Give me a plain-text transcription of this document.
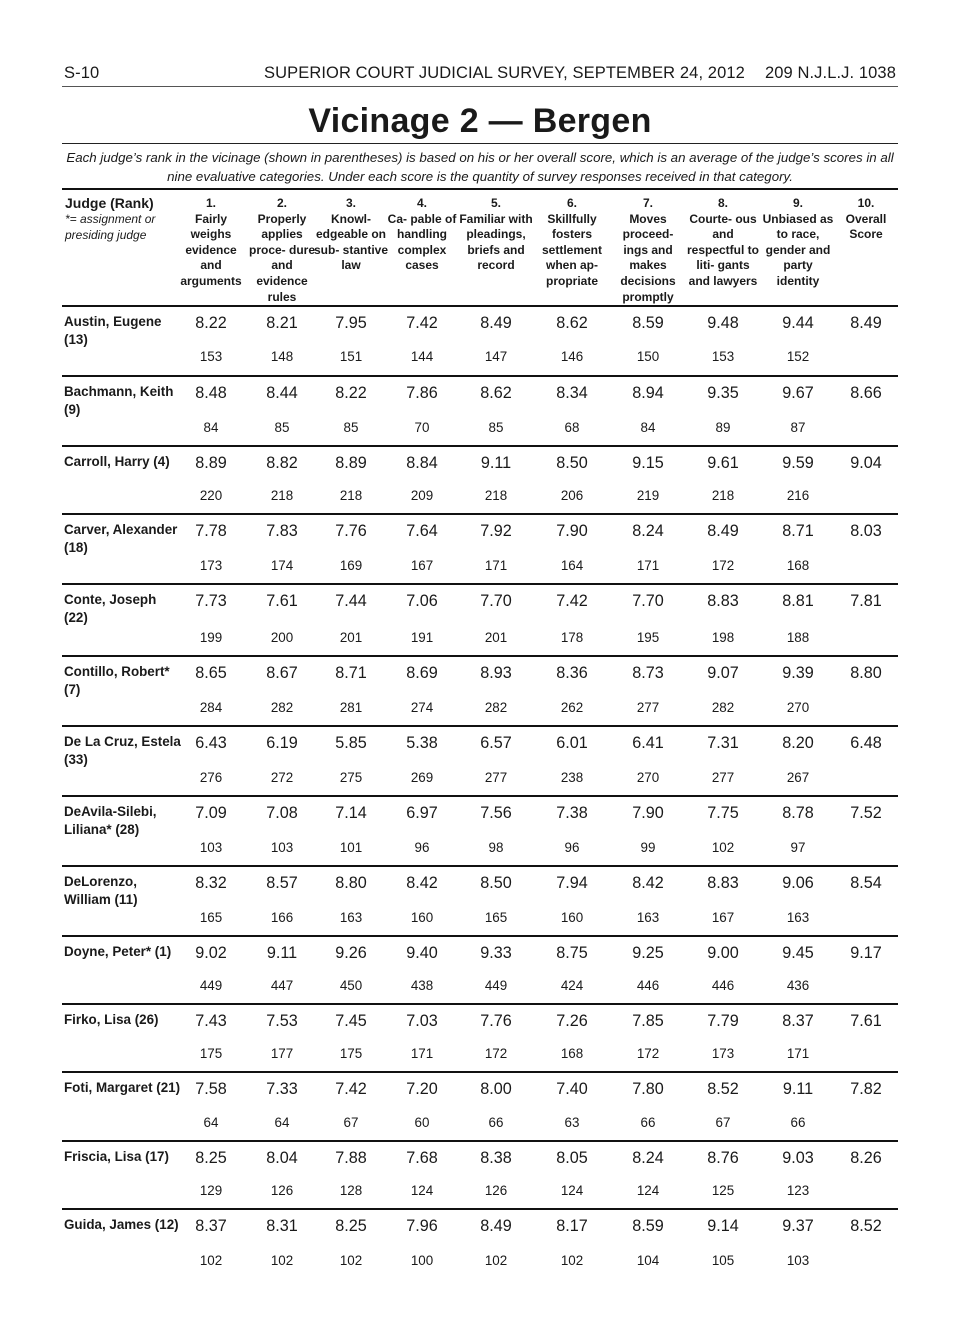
S-10	SUPERIOR COURT JUDICIAL SURVEY, SEPTEMBER 24, 2012 209 N.J.L.J. 1038
Vicinage 2 — Bergen
Each judge’s rank in the vicinage (shown in parentheses) is based on his or her overall score, which is an average of the judge’s scores in all nine evaluative categories. Under each score is the quantity of survey responses received in that category.
Judge (Rank)
*= assignment or presiding judge
1.
Fairly weighs evidence and arguments
2.
Properly applies proce- dure and evidence rules
3.
Knowl- edgeable on sub- stantive law
4.
Ca- pable of handling complex cases
5.
Familiar with pleadings, briefs and record
6.
Skillfully fosters settlement when ap- propriate
7.
Moves proceed- ings and makes decisions promptly
8.
Courte- ous and respectful to liti- gants and lawyers
9.
Unbiased as to race, gender and party identity
10.
Overall Score
Austin, Eugene (13)
8.22	8.21	7.95	7.42	8.49	8.62	8.59	9.48	9.44	8.49
153	148	151	144	147	146	150	153	152
Bachmann, Keith (9)
8.48	8.44	8.22	7.86	8.62	8.34	8.94	9.35	9.67	8.66
84	85	85	70	85	68	84	89	87
Carroll, Harry (4)	8.89	8.82	8.89	8.84	9.11	8.50	9.15	9.61	9.59	9.04
220	218	218	209	218	206	219	218	216
Carver, Alexander (18)
7.78	7.83	7.76	7.64	7.92	7.90	8.24	8.49	8.71	8.03
173	174	169	167	171	164	171	172	168
Conte, Joseph (22)
7.73	7.61	7.44	7.06	7.70	7.42	7.70	8.83	8.81	7.81
199	200	201	191	201	178	195	198	188
Contillo, Robert* (7)
8.65	8.67	8.71	8.69	8.93	8.36	8.73	9.07	9.39	8.80
284	282	281	274	282	262	277	282	270
De La Cruz, Estela (33)
6.43	6.19	5.85	5.38	6.57	6.01	6.41	7.31	8.20	6.48
276	272	275	269	277	238	270	277	267
DeAvila-Silebi, Liliana* (28)
7.09	7.08	7.14	6.97	7.56	7.38	7.90	7.75	8.78	7.52
103	103	101	96	98	96	99	102	97
DeLorenzo, William (11)
8.32	8.57	8.80	8.42	8.50	7.94	8.42	8.83	9.06	8.54
165	166	163	160	165	160	163	167	163
Doyne, Peter* (1)	9.02	9.11	9.26	9.40	9.33	8.75	9.25	9.00	9.45	9.17
449	447	450	438	449	424	446	446	436
Firko, Lisa (26)	7.43	7.53	7.45	7.03	7.76	7.26	7.85	7.79	8.37	7.61
175	177	175	171	172	168	172	173	171
Foti, Margaret (21) 7.58	7.33	7.42	7.20	8.00	7.40	7.80	8.52	9.11	7.82
64	64	67	60	66	63	66	67	66
Friscia, Lisa (17)	8.25	8.04	7.88	7.68	8.38	8.05	8.24	8.76	9.03	8.26
129	126	128	124	126	124	124	125	123
Guida, James (12)	8.37	8.31	8.25	7.96	8.49	8.17	8.59	9.14	9.37	8.52
102	102	102	100	102	102	104	105	103
